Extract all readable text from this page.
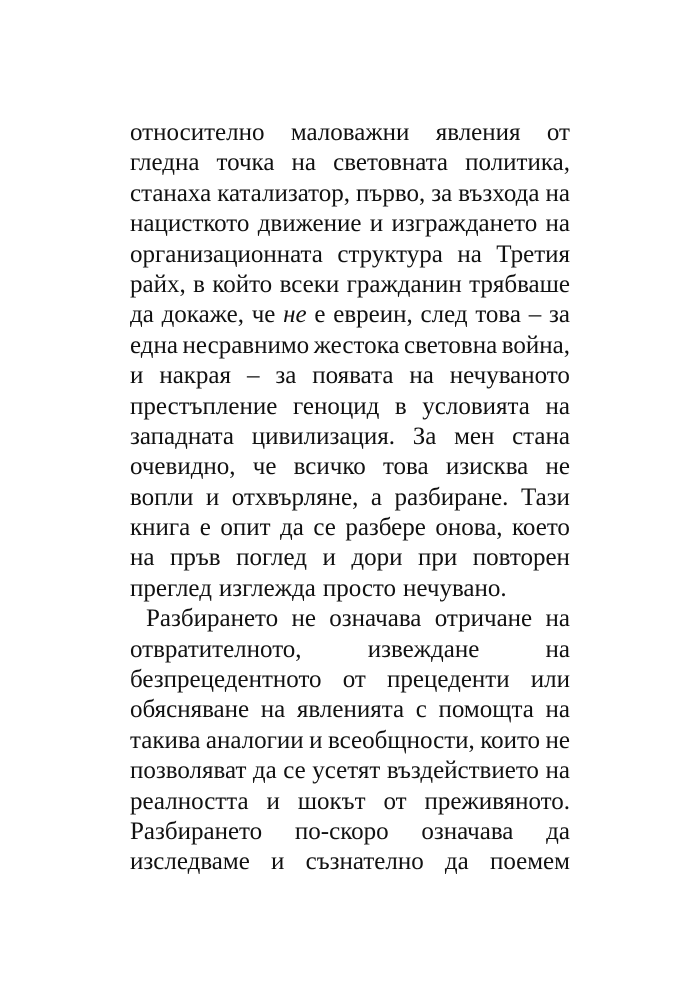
относително маловажни явления от
гледна точка на световната политика,
станаха катализатор, първо, за възхода на
нацисткото движение и изграждането на
организационната структура на Третия
райх, в който всеки гражданин трябваше
да докаже, че не е евреин, след това – за
една несравнимо жестока световна война,
и накрая – за появата на нечуваното
престъпление геноцид в условията на
западната цивилизация. За мен стана
очевидно, че всичко това изисква не
вопли и отхвърляне, а разбиране. Тази
книга е опит да се разбере онова, което
на пръв поглед и дори при повторен
преглед изглежда просто нечувано.
Разбирането не означава отричане на
отвратителното,	извеждане	на
безпрецедентното от прецеденти или
обясняване на явленията с помощта на
такива аналогии и всеобщности, които не
позволяват да се усетят въздействието на
реалността и шокът от преживяното.
Разбирането по-скоро означава да
изследваме и съзнателно да поемем
